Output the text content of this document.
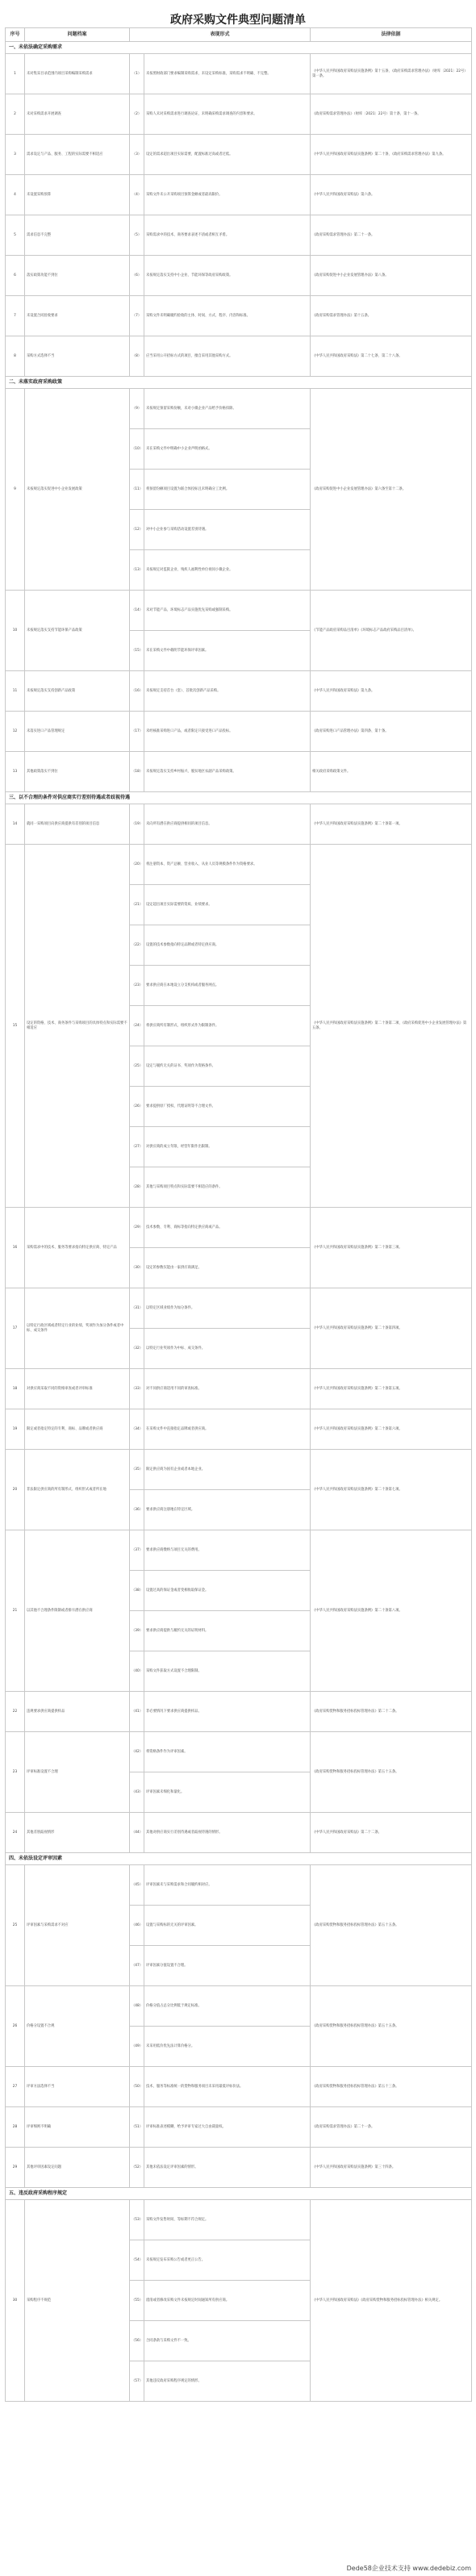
政府采购文件典型问题清单
序号	问题档案	表现形式		法律依据
一、未依法确定采购需求				
1	未对集采目录范围内项目采购编制采购需求	（1）	未按照财政部门要求编制采购需求，未设定采购标准，采购需求不明确、不完整。	《中华人民共和国政府采购法实施条例》第十五条、《政府采购需求管理办法》（财库〔2021〕22号）第一条。
2	未对采购需求开展调查	（2）	采购人未对采购需求进行调查论证，未明确采购需求调查的内容和要求。	《政府采购需求管理办法》（财库〔2021〕22号）第十条、第十一条。
3	需求设定与产品、服务、工程的实际需要不相适应	（3）	设定的需求超出项目实际需要，配置标准过高或者过低。	《中华人民共和国政府采购法实施条例》第二十条、《政府采购需求管理办法》第九条。
4	未设置采购预算	（4）	采购文件未公开采购项目预算金额或者最高限价。	《中华人民共和国政府采购法》第六条。
5	需求信息不完整	（5）	采购需求中的技术、商务要求表述不清或者相互矛盾。	《政府采购需求管理办法》第二十一条。
6	落实政策功能不到位	（6）	未按规定落实支持中小企业、节能环保等政府采购政策。	《政府采购促进中小企业发展管理办法》第八条。
7	未设置合同验收要求	（7）	采购文件未明确履约验收的主体、时间、方式、程序、内容和标准。	《政府采购需求管理办法》第十五条。
8	采购方式选择不当	（8）	应当采用公开招标方式的项目，擅自采用其他采购方式。	《中华人民共和国政府采购法》第二十七条、第二十八条。
二、未落实政府采购政策				
9	未按规定落实促进中小企业发展政策	（9）	未按规定预留采购份额，未对小微企业产品给予价格扣除。	《政府采购促进中小企业发展管理办法》第六条至第十二条。
		（10）	未在采购文件中明确中小企业声明函格式。	
		（11）	将预留份额项目设置为联合体投标且未明确分工比例。	
		（12）	对中小企业参与采购活动设置差别待遇。	
		（13）	未按规定对监狱企业、残疾人福利性单位视同小微企业。	
10	未按规定落实支持节能环保产品政策	（14）	未对节能产品、环境标志产品实施优先采购或强制采购。	《节能产品政府采购品目清单》《环境标志产品政府采购品目清单》。
		（15）	未在采购文件中载明节能环保评审因素。	
11	未按规定落实支持创新产品政策	（16）	未按规定支持首台（套）、首批次创新产品采购。	《中华人民共和国政府采购法》第九条。
12	未落实进口产品管理规定	（17）	未经核准采购进口产品，或者限定只接受进口产品投标。	《政府采购进口产品管理办法》第四条、第十条。
13	其他政策落实不到位	（18）	未按规定落实支持乡村振兴、脱贫地区农副产品采购政策。	相关政府采购政策文件。
三、以不合理的条件对供应商实行差别待遇或者歧视待遇				
14	就同一采购项目向供应商提供有差别的项目信息	（19）	未向所有潜在供应商提供相同的项目信息。	《中华人民共和国政府采购法实施条例》第二十条第一项。
15	设定的资格、技术、商务条件与采购项目的具体特点和实际需要不相适应	（20）	将注册资本、资产总额、营业收入、从业人员等规模条件作为资格要求。	《中华人民共和国政府采购法实施条例》第二十条第二项、《政府采购促进中小企业发展管理办法》第五条。
		（21）	设定超出项目实际需要的资质、业绩要求。	
		（22）	设置的技术参数指向特定品牌或者特定供应商。	
		（23）	要求供应商在本地设立分支机构或者服务网点。	
		（24）	将供应商所有制形式、组织形式作为限制条件。	
		（25）	设定与履约无关的证书、奖项作为资格条件。	
		（26）	要求提供原厂授权、代理证明等不合理文件。	
		（27）	对供应商的成立年限、经营年限作出限制。	
		（28）	其他与采购项目特点和实际需要不相适应的条件。	
16	采购需求中的技术、服务等要求指向特定供应商、特定产品	（29）	技术参数、专利、商标等指向特定供应商或产品。	《中华人民共和国政府采购法实施条例》第二十条第三项。
		（30）	设定的参数仅能由一家供应商满足。	
17	以特定行政区域或者特定行业的业绩、奖项作为加分条件或者中标、成交条件	（31）	以特定区域业绩作为加分条件。	《中华人民共和国政府采购法实施条例》第二十条第四项。
		（32）	以特定行业奖项作为中标、成交条件。	
18	对供应商采取不同的资格审查或者评审标准	（33）	对不同供应商适用不同的审查标准。	《中华人民共和国政府采购法实施条例》第二十条第五项。
19	限定或者指定特定的专利、商标、品牌或者供应商	（34）	在采购文件中直接指定品牌或者供应商。	《中华人民共和国政府采购法实施条例》第二十条第六项。
20	非法限定供应商的所有制形式、组织形式或者所在地	（35）	限定供应商为国有企业或者本地企业。	《中华人民共和国政府采购法实施条例》第二十条第七项。
		（36）	要求供应商注册地在特定区域。	
21	以其他不合理条件限制或者排斥潜在供应商	（37）	要求供应商缴纳与项目无关的费用。	《中华人民共和国政府采购法实施条例》第二十条第八项。
		（38）	设置过高的保证金或者变相收取保证金。	
		（39）	要求供应商提供与履约无关的证明材料。	
		（40）	采购文件获取方式设置不合理限制。	
22	违规要求供应商提供样品	（41）	非必要情况下要求供应商提供样品。	《政府采购货物和服务招标投标管理办法》第二十二条。
23	评审标准设置不合理	（42）	将资格条件作为评审因素。	《政府采购货物和服务招标投标管理办法》第五十五条。
		（43）	评审因素未细化和量化。	
24	其他差别歧视情形	（44）	其他对供应商实行差别待遇或者歧视待遇的情形。	《中华人民共和国政府采购法》第二十二条。
四、未依法设定评审因素				
25	评审因素与采购需求不对应	（45）	评审因素未与采购需求和合同履约相对应。	《政府采购货物和服务招标投标管理办法》第五十五条。
		（46）	设置与采购标的无关的评审因素。	
		（47）	评审因素分值设置不合理。	
26	价格分设置不合规	（48）	价格分值占总分比例低于规定标准。	《政府采购货物和服务招标投标管理办法》第五十五条。
		（49）	未采用低价优先法计算价格分。	
27	评审方法选择不当	（50）	技术、服务等标准统一的货物和服务项目未采用最低评标价法。	《政府采购货物和服务招标投标管理办法》第五十三条。
28	评审细则不明确	（51）	评审标准表述模糊，给予评审专家过大自由裁量权。	《政府采购需求管理办法》第二十一条。
29	其他评审因素设定问题	（52）	其他未依法设定评审因素的情形。	《中华人民共和国政府采购法实施条例》第三十四条。
五、违反政府采购程序规定				
30	采购程序不规范	（53）	采购文件发售时间、等标期不符合规定。	《中华人民共和国政府采购法》《政府采购货物和服务招标投标管理办法》相关规定。
		（54）	未按规定发布采购公告或者更正公告。	
		（55）	澄清或者修改采购文件未按规定时间通知所有供应商。	
		（56）	合同条款与采购文件不一致。	
		（57）	其他违反政府采购程序规定的情形。	
Dede58企业技术支持 www.dedebiz.com
